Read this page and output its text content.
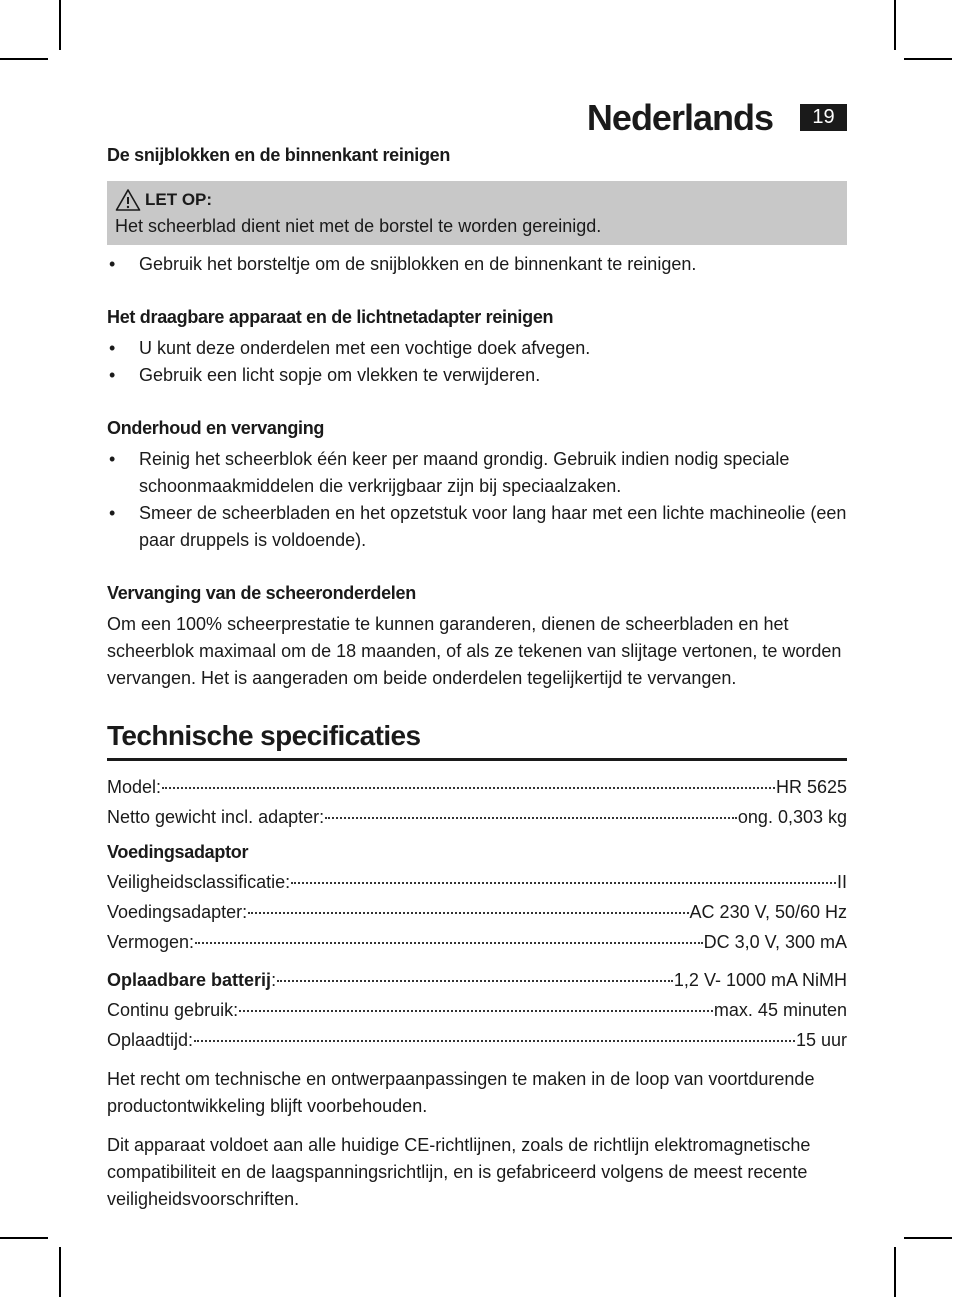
Nederlands	19

De snijblokken en de binnenkant reinigen

LET OP:
Het scheerblad dient niet met de borstel te worden gereinigd.
• Gebruik het borsteltje om de snijblokken en de binnenkant te reinigen.

Het draagbare apparaat en de lichtnetadapter reinigen

• U kunt deze onderdelen met een vochtige doek afvegen.
• Gebruik een licht sopje om vlekken te verwijderen.

Onderhoud en vervanging

• Reinig het scheerblok één keer per maand grondig. Gebruik indien nodig speciale schoonmaakmiddelen die verkrijgbaar zijn bij speciaalzaken.
• Smeer de scheerbladen en het opzetstuk voor lang haar met een lichte machineolie (een paar druppels is voldoende).

Vervanging van de scheeronderdelen

Om een 100% scheerprestatie te kunnen garanderen, dienen de scheerbladen en het scheerblok maximaal om de 18 maanden, of als ze tekenen van slijtage vertonen, te worden vervangen. Het is aangeraden om beide onderdelen tegelijkertijd te vervangen.

Technische specificaties
Model:	HR 5625
Netto gewicht incl. adapter:	ong. 0,303 kg

Voedingsadaptor

Veiligheidsclassificatie:	II
Voedingsadapter:	AC 230 V, 50/60 Hz
Vermogen:	DC 3,0 V, 300 mA
Oplaadbare batterij:	1,2 V- 1000 mA NiMH
Continu gebruik:	max. 45 minuten
Oplaadtijd:	15 uur

Het recht om technische en ontwerpaanpassingen te maken in de loop van voortdurende productontwikkeling blijft voorbehouden.

Dit apparaat voldoet aan alle huidige CE-richtlijnen, zoals de richtlijn elektromagnetische compatibiliteit en de laagspanningsrichtlijn, en is gefabriceerd volgens de meest recente veiligheidsvoorschriften.
